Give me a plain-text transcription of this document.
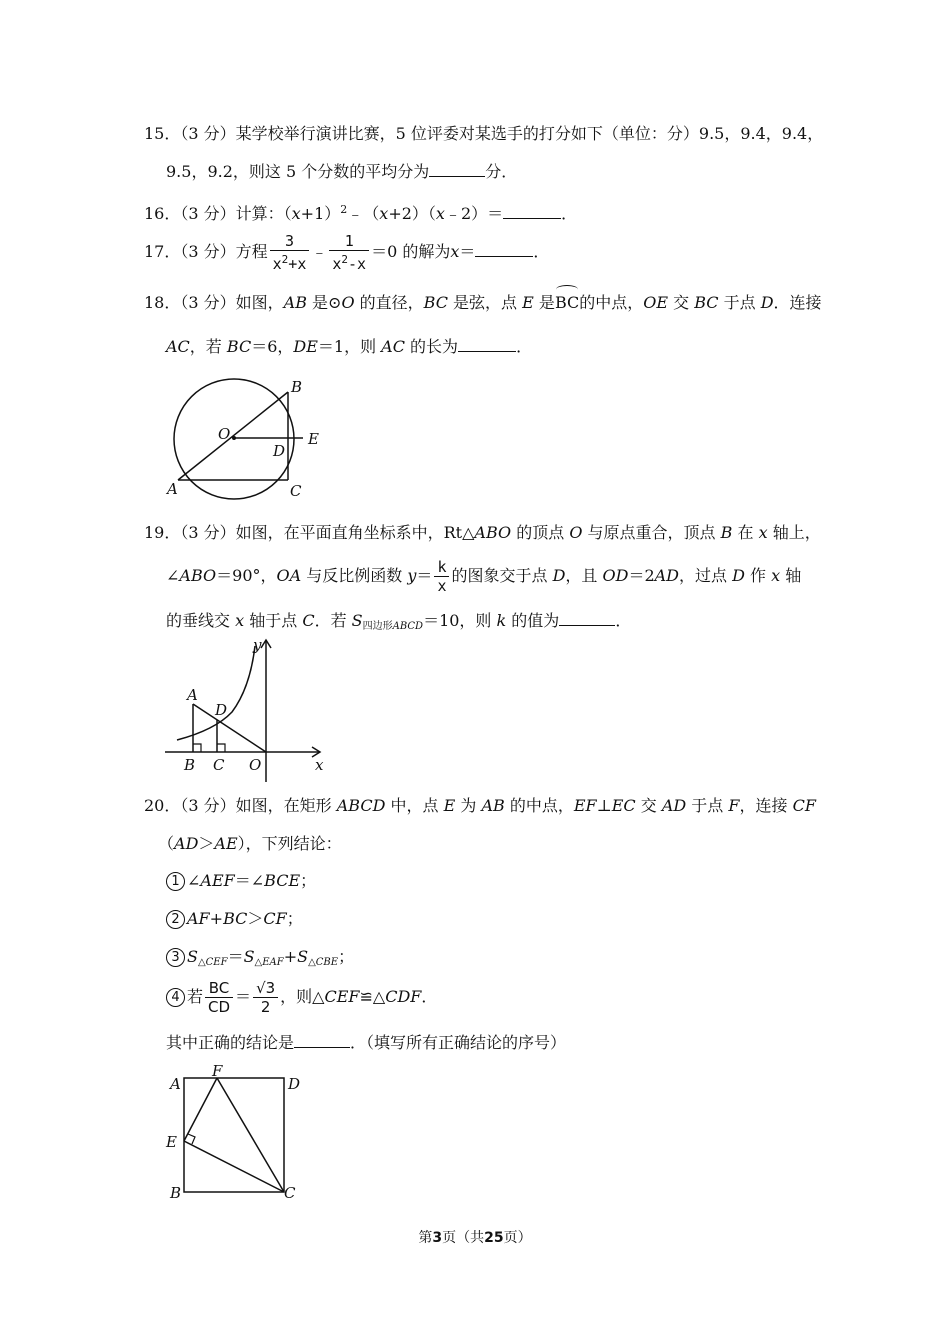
15．（3 分）某学校举行演讲比赛，5 位评委对某选手的打分如下（单位：分）9.5，9.4，9.4，
9.5，9.2，则这 5 个分数的平均分为	分．
16．（3 分）计算：$(x+1)^2﹣(x+2)(x﹣2)=$	．
17．（3 分）方程 $\frac{3}{x^2+x}$ ﹣ $\frac{1}{x^2-x} =0$ 的解为x＝	．
18．（3 分）如图，AB 是⊙O 的直径，BC 是弦，点 E 是BC的中点，OE 交 BC 于点 D．连接
AC，若 BC＝6，DE＝1，则 AC 的长为	．
A
B
C
D
E
O
19．（3 分）如图，在平面直角坐标系中，Rt△ABO 的顶点 O 与原点重合，顶点 B 在 x 轴上，
∠ABO＝90°，OA 与反比例函数 $y= \frac{k}{x}$ 的图象交于点 D，且 OD＝2AD，过点 D 作 x 轴
的垂线交 x 轴于点 C．若 $S_{四边形ABCD}=10$，则 k 的值为	．
A
B C
D
O	x
y
20．（3 分）如图，在矩形 ABCD 中，点 E 为 AB 的中点，EF⊥EC 交 AD 于点 F，连接 CF
（AD＞AE），下列结论：
1 ∠AEF＝∠BCE；
2 AF+BC＞CF；
3 $S_{\triangle CEF}=S_{\triangle EAF}+S_{\triangle CBE}$；
4 若 $\frac{BC}{CD} = \frac{√3}{2}$ ，则△CEF≌△CDF．
其中正确的结论是	．（填写所有正确结论的序号）
A
B	C
D
E
F
第3页（共25页）
